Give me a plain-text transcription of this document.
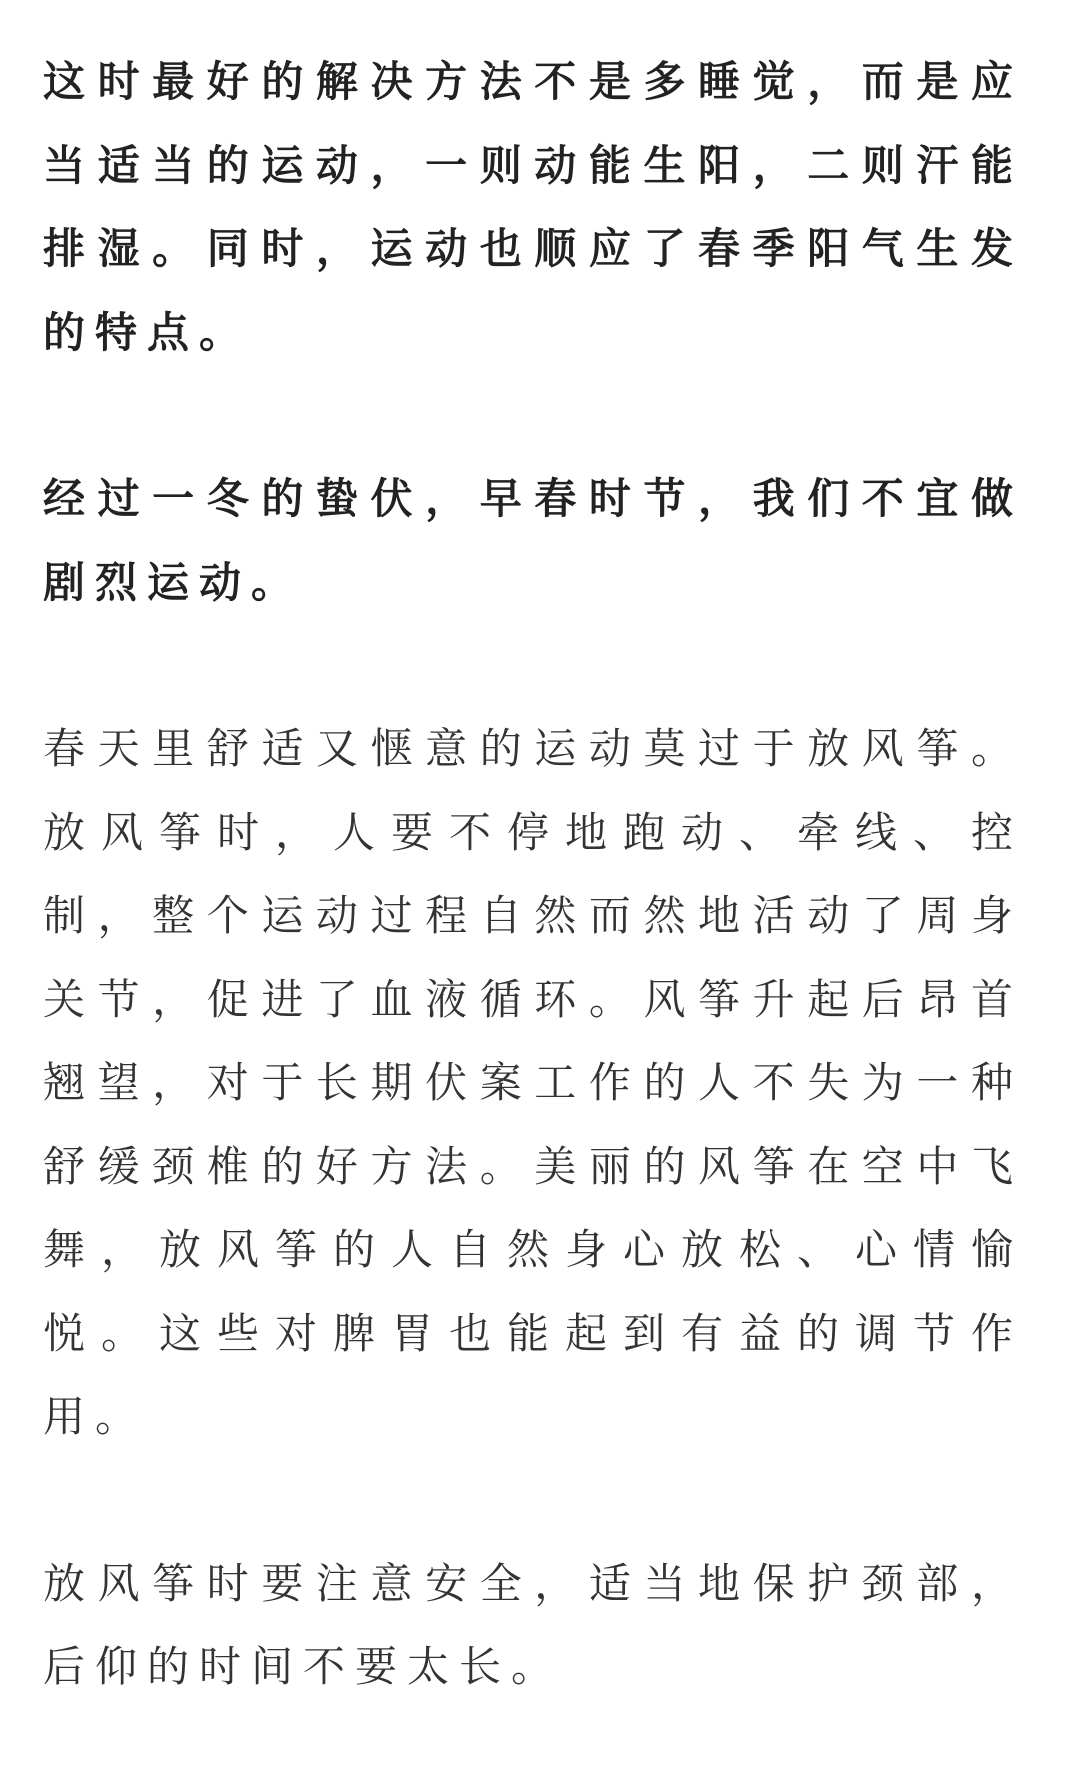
这时最好的解决方法不是多睡觉，而是应当适当的运动，一则动能生阳，二则汗能排湿。同时，运动也顺应了春季阳气生发的特点。

经过一冬的蛰伏，早春时节，我们不宜做剧烈运动。

春天里舒适又惬意的运动莫过于放风筝。放风筝时，人要不停地跑动、牵线、控制，整个运动过程自然而然地活动了周身关节，促进了血液循环。风筝升起后昂首翘望，对于长期伏案工作的人不失为一种舒缓颈椎的好方法。美丽的风筝在空中飞舞，放风筝的人自然身心放松、心情愉悦。这些对脾胃也能起到有益的调节作用。

放风筝时要注意安全，适当地保护颈部，后仰的时间不要太长。
